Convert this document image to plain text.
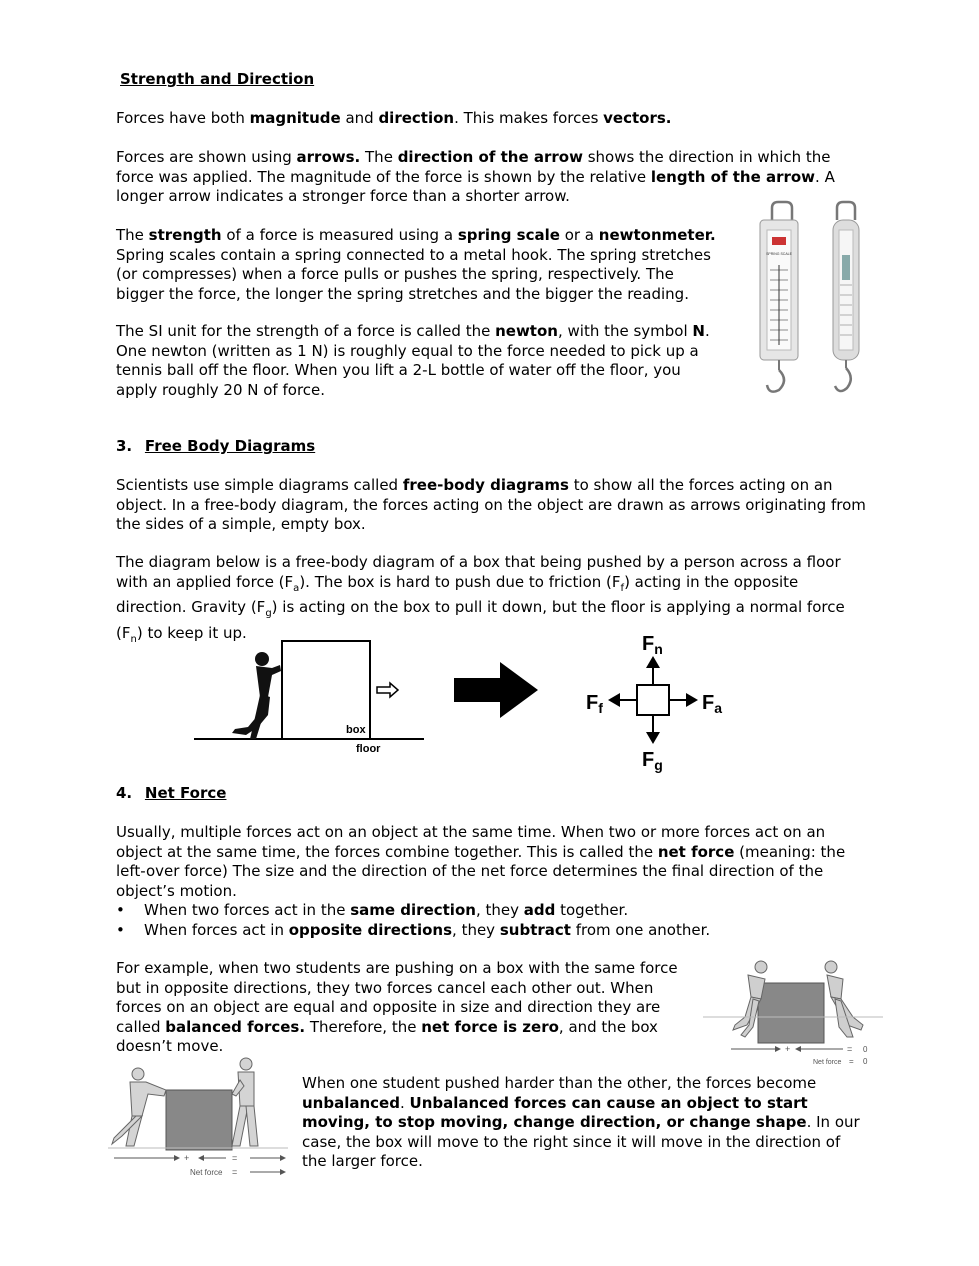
Strength and Direction

Forces have both magnitude and direction. This makes forces vectors.

Forces are shown using arrows. The direction of the arrow shows the direction in which the force was applied. The magnitude of the force is shown by the relative length of the arrow. A longer arrow indicates a stronger force than a shorter arrow.

The strength of a force is measured using a spring scale or a newtonmeter. Spring scales contain a spring connected to a metal hook. The spring stretches (or compresses) when a force pulls or pushes the spring, respectively. The bigger the force, the longer the spring stretches and the bigger the reading.

The SI unit for the strength of a force is called the newton, with the symbol N. One newton (written as 1 N) is roughly equal to the force needed to pick up a tennis ball off the floor. When you lift a 2-L bottle of water off the floor, you apply roughly 20 N of force.

SPRING SCALE
3. Free Body Diagrams

Scientists use simple diagrams called free-body diagrams to show all the forces acting on an object. In a free-body diagram, the forces acting on the object are drawn as arrows originating from the sides of a simple, empty box.

The diagram below is a free-body diagram of a box that being pushed by a person across a floor with an applied force $(F_a)$. The box is hard to push due to friction $(F_f)$ acting in the opposite direction. Gravity $(F_g)$ is acting on the box to pull it down, but the floor is applying a normal force $(F_n)$ to keep it up.

box
floor
$F_n$
$F_f$	$F_a$
$F_g$
4. Net Force

Usually, multiple forces act on an object at the same time. When two or more forces act on an object at the same time, the forces combine together. This is called the net force (meaning: the left-over force) The size and the direction of the net force determines the final direction of the object’s motion.

• When two forces act in the same direction, they add together.

• When forces act in opposite directions, they subtract from one another.

For example, when two students are pushing on a box with the same force but in opposite directions, they two forces cancel each other out. When forces on an object are equal and opposite in size and direction they are called balanced forces. Therefore, the net force is zero, and the box doesn’t move.	+	= 0
Net force = 0
+	=
Net force =

When one student pushed harder than the other, the forces become unbalanced. Unbalanced forces can cause an object to start moving, to stop moving, change direction, or change shape. In our case, the box will move to the right since it will move in the direction of the larger force.
